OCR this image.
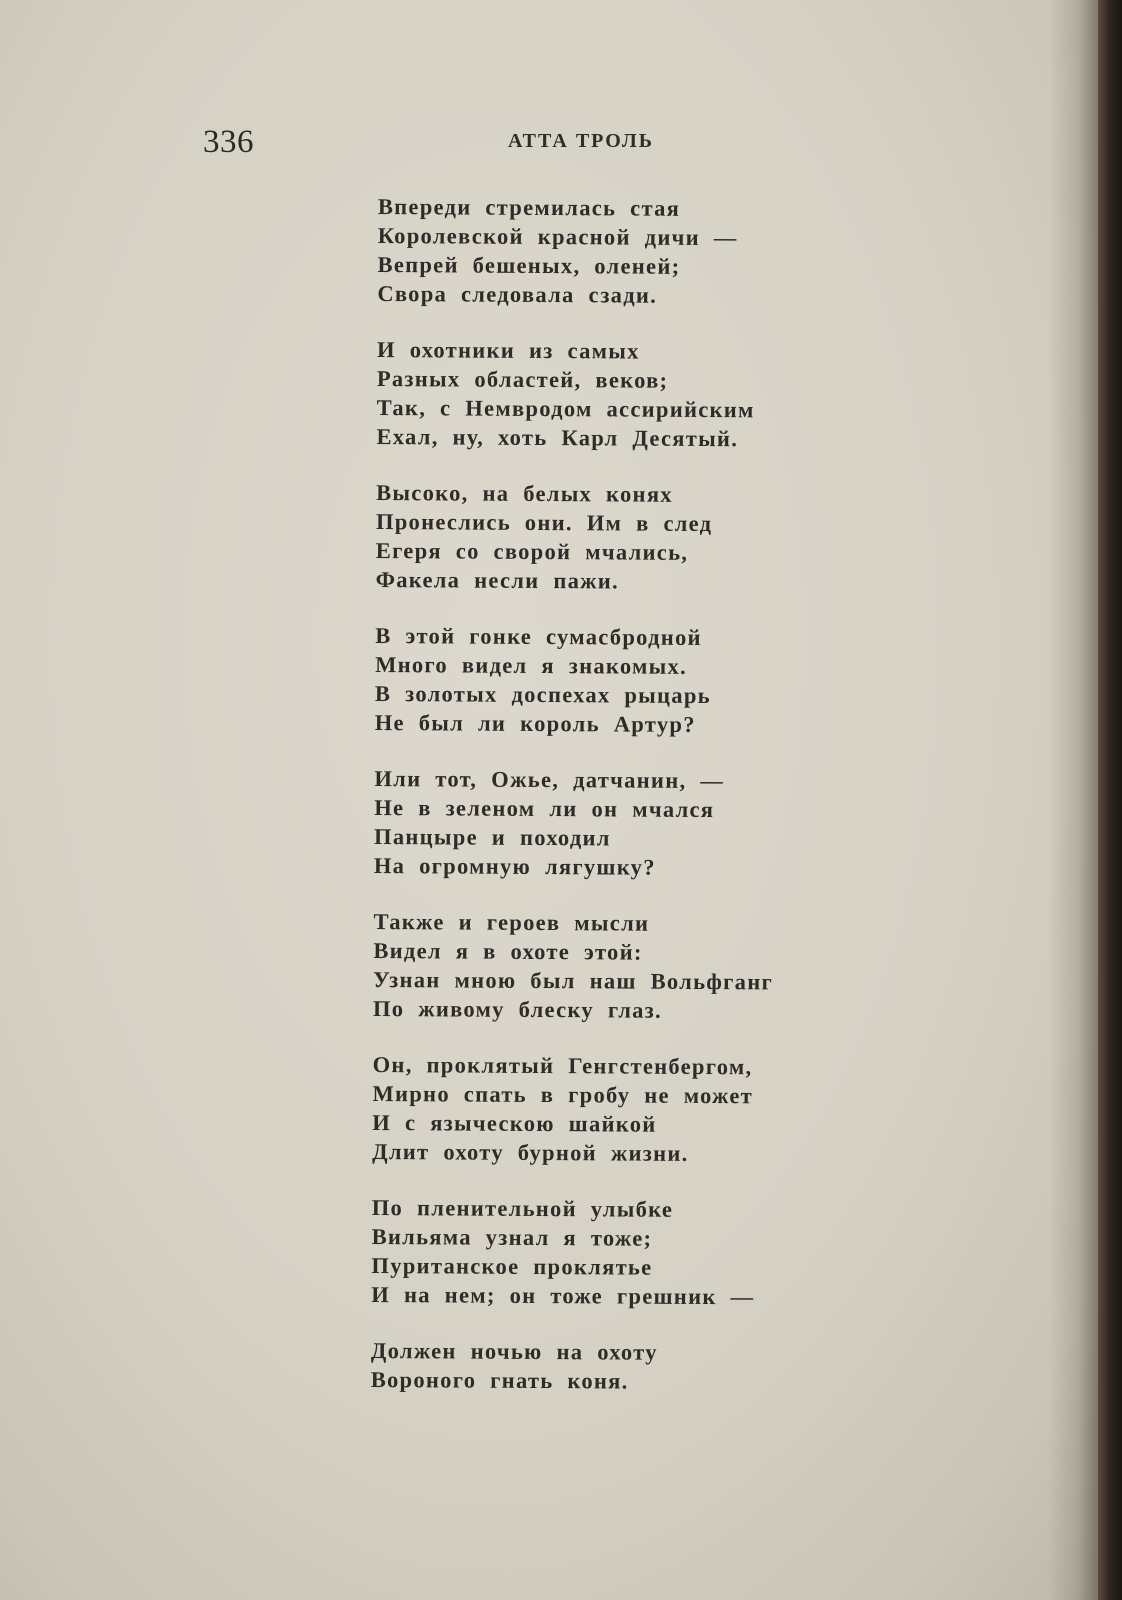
336	АТТА ТРОЛЬ
Впереди стремилась стая
Королевской красной дичи —
Вепрей бешеных, оленей;
Свора следовала сзади.
И охотники из самых
Разных областей, веков;
Так, с Немвродом ассирийским
Ехал, ну, хоть Карл Десятый.
Высоко, на белых конях
Пронеслись они. Им в след
Егеря со сворой мчались,
Факела несли пажи.
В этой гонке сумасбродной
Много видел я знакомых.
В золотых доспехах рыцарь
Не был ли король Артур?
Или тот, Ожье, датчанин, —
Не в зеленом ли он мчался
Панцыре и походил
На огромную лягушку?
Также и героев мысли
Видел я в охоте этой:
Узнан мною был наш Вольфганг
По живому блеску глаз.
Он, проклятый Генгстенбергом,
Мирно спать в гробу не может
И с языческою шайкой
Длит охоту бурной жизни.
По пленительной улыбке
Вильяма узнал я тоже;
Пуританское проклятье
И на нем; он тоже грешник —
Должен ночью на охоту
Вороного гнать коня.
